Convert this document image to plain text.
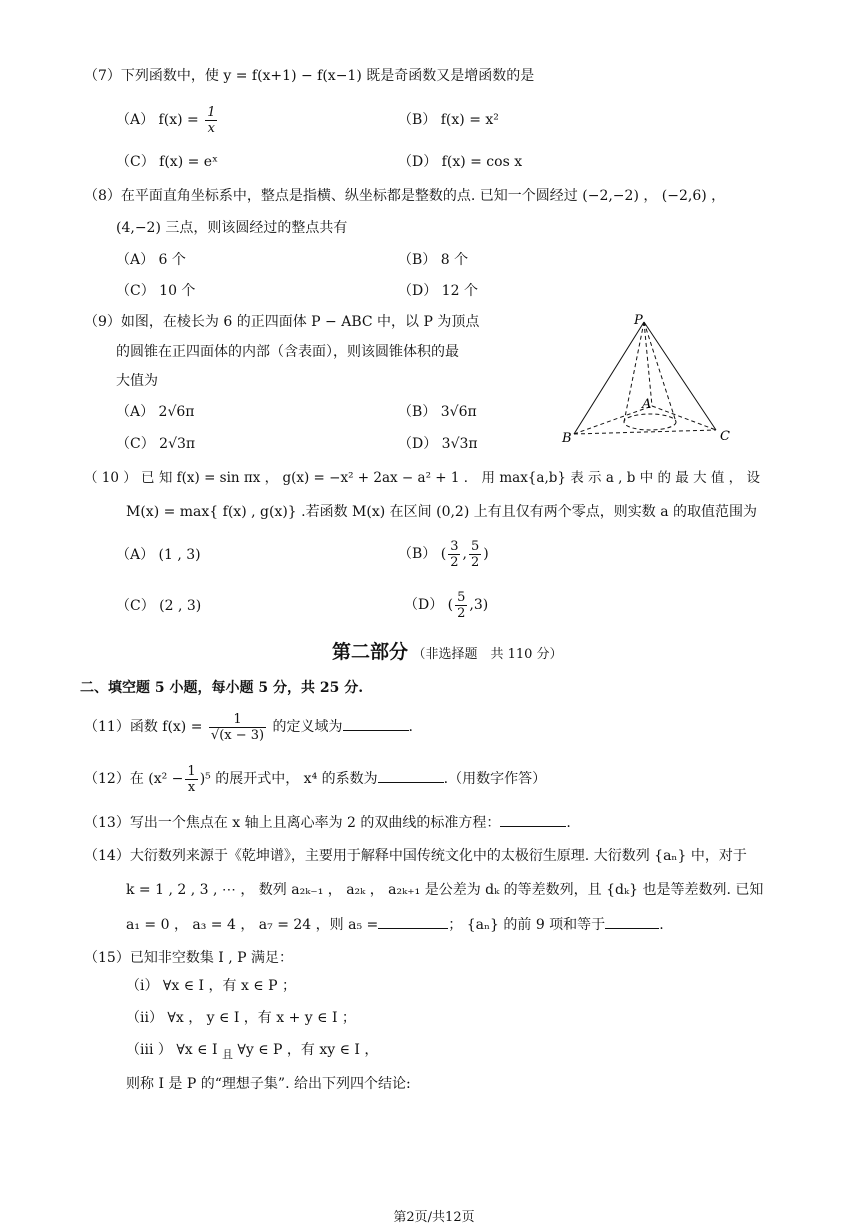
（7）下列函数中，使 y = f(x+1) − f(x−1) 既是奇函数又是增函数的是
（A） $f(x) = \frac{1}{x}$	（B） f(x) = x²
（C） f(x) = eˣ	（D） f(x) = cos x
（8）在平面直角坐标系中，整点是指横、纵坐标都是整数的点. 已知一个圆经过 (−2,−2) ， (−2,6) ，
(4,−2) 三点，则该圆经过的整点共有
（A） 6 个	（B） 8 个
（C） 10 个	（D） 12 个
（9）如图，在棱长为 6 的正四面体 P − ABC 中，以 P 为顶点
的圆锥在正四面体的内部（含表面），则该圆锥体积的最
大值为
（A） 2√6π	（B） 3√6π
（C） 2√3π	（D） 3√3π
P
A
B	C
（ 10 ） 已 知 f(x) = sin πx ， g(x) = −x² + 2ax − a² + 1 ． 用 max{a,b} 表 示 a , b 中 的 最 大 值 ， 设
M(x) = max{ f(x) , g(x)} .若函数 M(x) 在区间 (0,2) 上有且仅有两个零点，则实数 a 的取值范围为
（A） (1 , 3)	（B） ( $\frac{3}{2}$ , $\frac{5}{2}$ )
（C） (2 , 3)	（D） ( $\frac{5}{2} ,3$)
第二部分 （非选择题　共 110 分）
二、填空题 5 小题，每小题 5 分，共 25 分.
（11）函数 $f(x) = \frac{1}{√(x - 3)}$ 的定义域为	.
（12）在 $(x^2 - \frac{1}{x} )^5$ 的展开式中， x⁴ 的系数为	.（用数字作答）
（13）写出一个焦点在 x 轴上且离心率为 2 的双曲线的标准方程：	.
（14）大衍数列来源于《乾坤谱》，主要用于解释中国传统文化中的太极衍生原理. 大衍数列 {aₙ} 中，对于
k = 1 , 2 , 3 , ⋯ ， 数列 a₂ₖ₋₁ ， a₂ₖ ， a₂ₖ₊₁ 是公差为 dₖ 的等差数列，且 {dₖ} 也是等差数列. 已知
a₁ = 0 ， a₃ = 4 ， a₇ = 24 ，则 a₅ =	； {aₙ} 的前 9 项和等于	.
（15）已知非空数集 I , P 满足：
（i） ∀x ∈ I ，有 x ∈ P ；
（ii） ∀x ， y ∈ I ，有 x + y ∈ I ；
（iii ） ∀x ∈ I $_且$ ∀y ∈ P ，有 xy ∈ I ，
则称 I 是 P 的“理想子集”. 给出下列四个结论:
第2页/共12页
